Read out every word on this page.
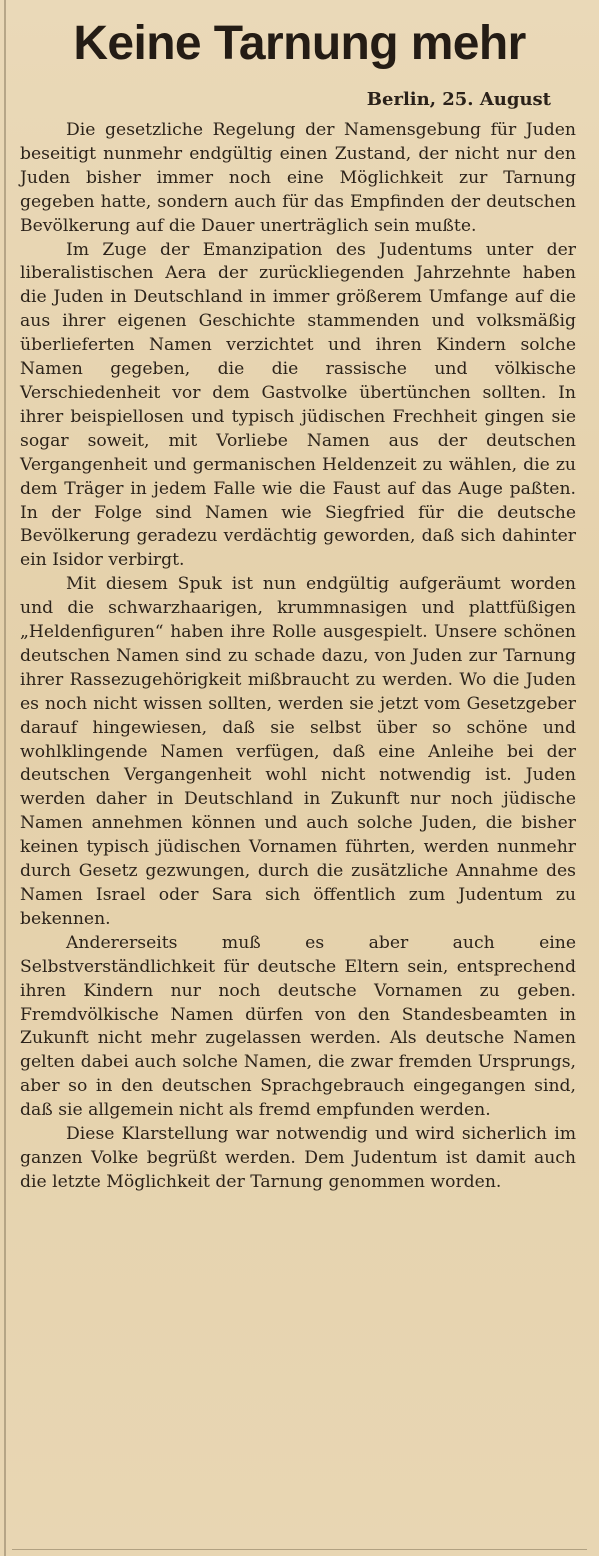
Keine Tarnung mehr
Berlin, 25. August

Die gesetzliche Regelung der Namensgebung für Juden beseitigt nunmehr endgültig einen Zustand, der nicht nur den Juden bisher immer noch eine Möglichkeit zur Tarnung gegeben hatte, sondern auch für das Empfinden der deutschen Bevölkerung auf die Dauer unerträglich sein mußte.

Im Zuge der Emanzipation des Judentums unter der liberalistischen Aera der zurückliegenden Jahrzehnte haben die Juden in Deutschland in immer größerem Umfange auf die aus ihrer eigenen Geschichte stammenden und volksmäßig überlieferten Namen verzichtet und ihren Kindern solche Namen gegeben, die die rassische und völkische Verschiedenheit vor dem Gastvolke übertünchen sollten. In ihrer beispiellosen und typisch jüdischen Frechheit gingen sie sogar soweit, mit Vorliebe Namen aus der deutschen Vergangenheit und germanischen Heldenzeit zu wählen, die zu dem Träger in jedem Falle wie die Faust auf das Auge paßten. In der Folge sind Namen wie Siegfried für die deutsche Bevölkerung geradezu verdächtig geworden, daß sich dahinter ein Isidor verbirgt.

Mit diesem Spuk ist nun endgültig aufgeräumt worden und die schwarzhaarigen, krummnasigen und plattfüßigen „Heldenfiguren“ haben ihre Rolle ausgespielt. Unsere schönen deutschen Namen sind zu schade dazu, von Juden zur Tarnung ihrer Rassezugehörigkeit mißbraucht zu werden. Wo die Juden es noch nicht wissen sollten, werden sie jetzt vom Gesetzgeber darauf hingewiesen, daß sie selbst über so schöne und wohlklingende Namen verfügen, daß eine Anleihe bei der deutschen Vergangenheit wohl nicht notwendig ist. Juden werden daher in Deutschland in Zukunft nur noch jüdische Namen annehmen können und auch solche Juden, die bisher keinen typisch jüdischen Vornamen führten, werden nunmehr durch Gesetz gezwungen, durch die zusätzliche Annahme des Namen Israel oder Sara sich öffentlich zum Judentum zu bekennen.

Andererseits muß es aber auch eine Selbstverständlichkeit für deutsche Eltern sein, entsprechend ihren Kindern nur noch deutsche Vornamen zu geben. Fremdvölkische Namen dürfen von den Standesbeamten in Zukunft nicht mehr zugelassen werden. Als deutsche Namen gelten dabei auch solche Namen, die zwar fremden Ursprungs, aber so in den deutschen Sprachgebrauch eingegangen sind, daß sie allgemein nicht als fremd empfunden werden.

Diese Klarstellung war notwendig und wird sicherlich im ganzen Volke begrüßt werden. Dem Judentum ist damit auch die letzte Möglichkeit der Tarnung genommen worden.
